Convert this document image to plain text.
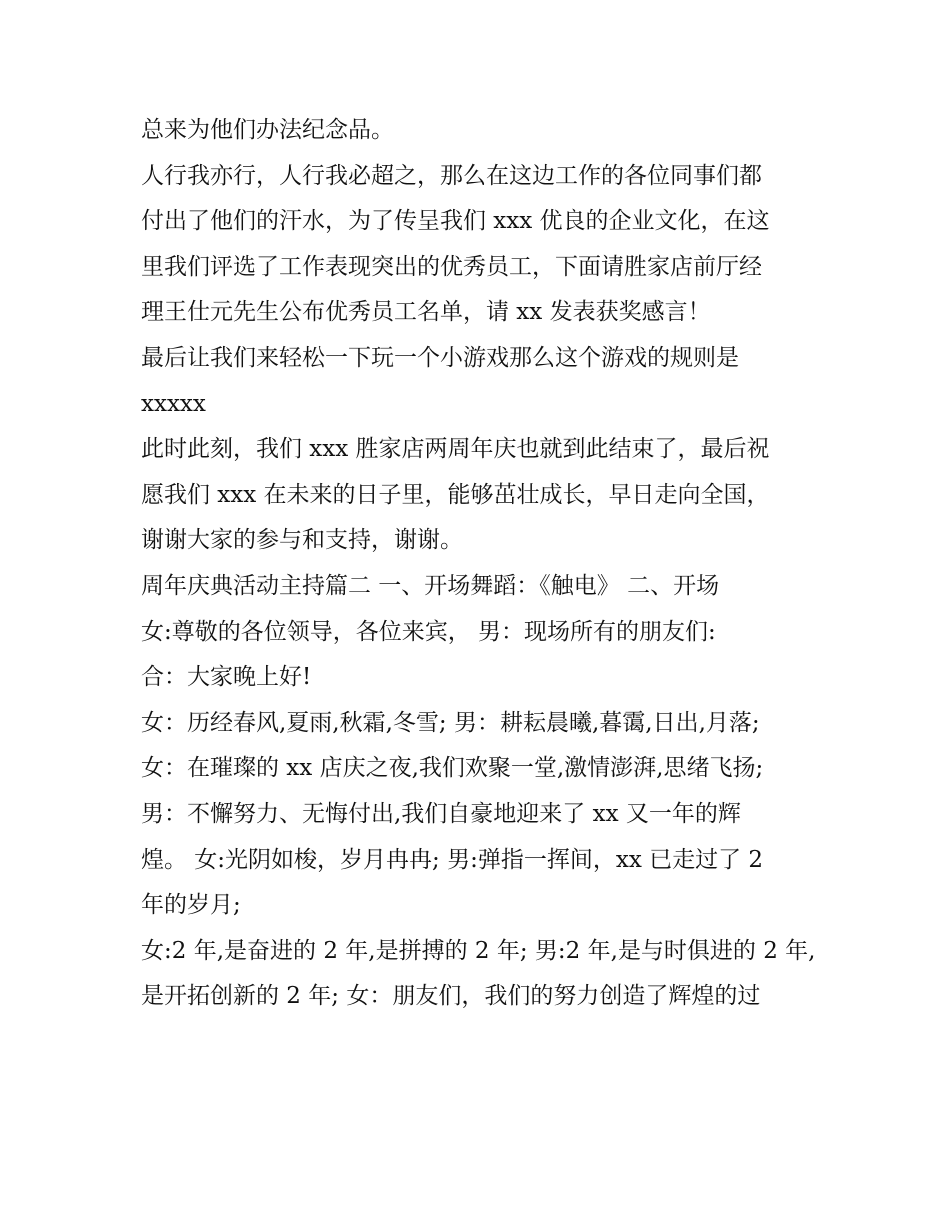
总来为他们办法纪念品。
人行我亦行，人行我必超之，那么在这边工作的各位同事们都
付出了他们的汗水，为了传呈我们 xxx 优良的企业文化，在这
里我们评选了工作表现突出的优秀员工，下面请胜家店前厅经
理王仕元先生公布优秀员工名单，请 xx 发表获奖感言！
最后让我们来轻松一下玩一个小游戏那么这个游戏的规则是
xxxxx
此时此刻，我们 xxx 胜家店两周年庆也就到此结束了，最后祝
愿我们 xxx 在未来的日子里，能够茁壮成长，早日走向全国，
谢谢大家的参与和支持，谢谢。
周年庆典活动主持篇二 一、开场舞蹈：《触电》 二、开场
女:尊敬的各位领导，各位来宾， 男：现场所有的朋友们:
合：大家晚上好!
女：历经春风,夏雨,秋霜,冬雪; 男：耕耘晨曦,暮霭,日出,月落;
女：在璀璨的 xx 店庆之夜,我们欢聚一堂,激情澎湃,思绪飞扬;
男：不懈努力、无悔付出,我们自豪地迎来了 xx 又一年的辉
煌。 女:光阴如梭，岁月冉冉; 男:弹指一挥间，xx 已走过了 2
年的岁月;
女:2 年,是奋进的 2 年,是拼搏的 2 年; 男:2 年,是与时俱进的 2 年,
是开拓创新的 2 年; 女：朋友们，我们的努力创造了辉煌的过
